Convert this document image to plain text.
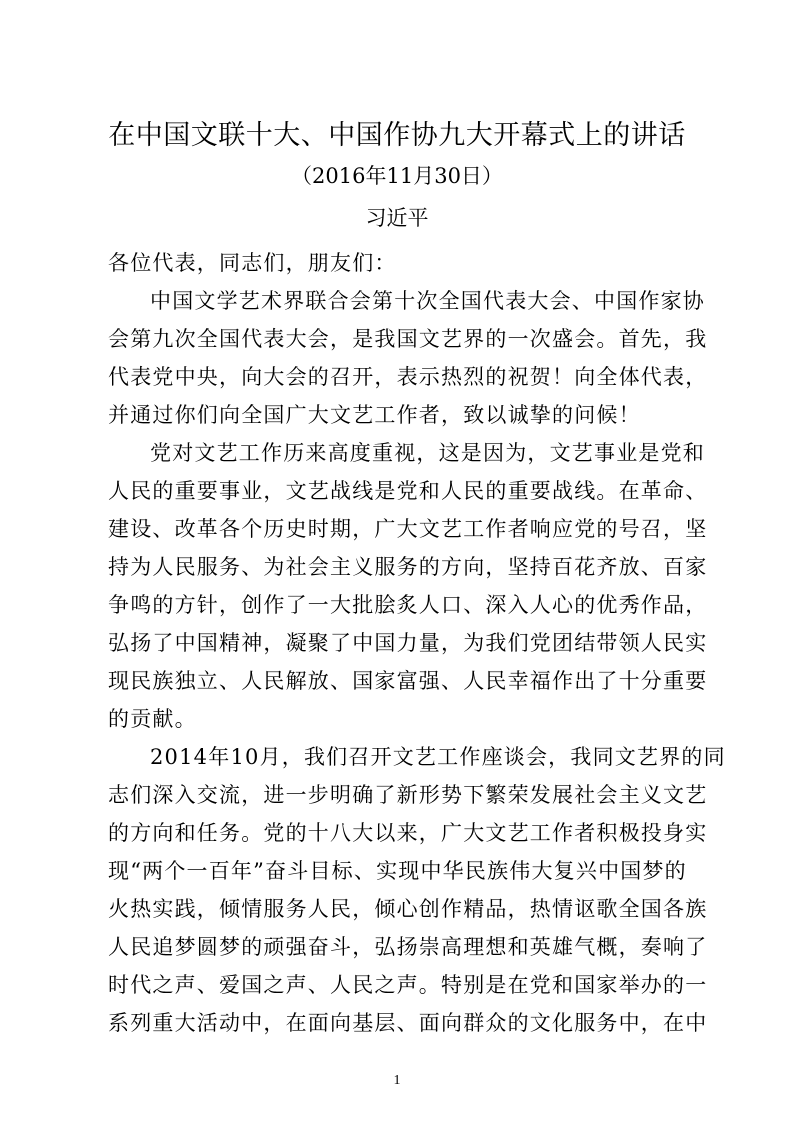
在中国文联十大、中国作协九大开幕式上的讲话
（2016年11月30日）
习近平

各位代表，同志们，朋友们：

中国文学艺术界联合会第十次全国代表大会、中国作家协
会第九次全国代表大会，是我国文艺界的一次盛会。首先，我
代表党中央，向大会的召开，表示热烈的祝贺！向全体代表，
并通过你们向全国广大文艺工作者，致以诚挚的问候！
党对文艺工作历来高度重视，这是因为，文艺事业是党和
人民的重要事业，文艺战线是党和人民的重要战线。在革命、
建设、改革各个历史时期，广大文艺工作者响应党的号召，坚
持为人民服务、为社会主义服务的方向，坚持百花齐放、百家
争鸣的方针，创作了一大批脍炙人口、深入人心的优秀作品，
弘扬了中国精神，凝聚了中国力量，为我们党团结带领人民实
现民族独立、人民解放、国家富强、人民幸福作出了十分重要
的贡献。
2014年10月，我们召开文艺工作座谈会，我同文艺界的同
志们深入交流，进一步明确了新形势下繁荣发展社会主义文艺
的方向和任务。党的十八大以来，广大文艺工作者积极投身实
现“两个一百年”奋斗目标、实现中华民族伟大复兴中国梦的
火热实践，倾情服务人民，倾心创作精品，热情讴歌全国各族
人民追梦圆梦的顽强奋斗，弘扬崇高理想和英雄气概，奏响了
时代之声、爱国之声、人民之声。特别是在党和国家举办的一
系列重大活动中，在面向基层、面向群众的文化服务中，在中
1
